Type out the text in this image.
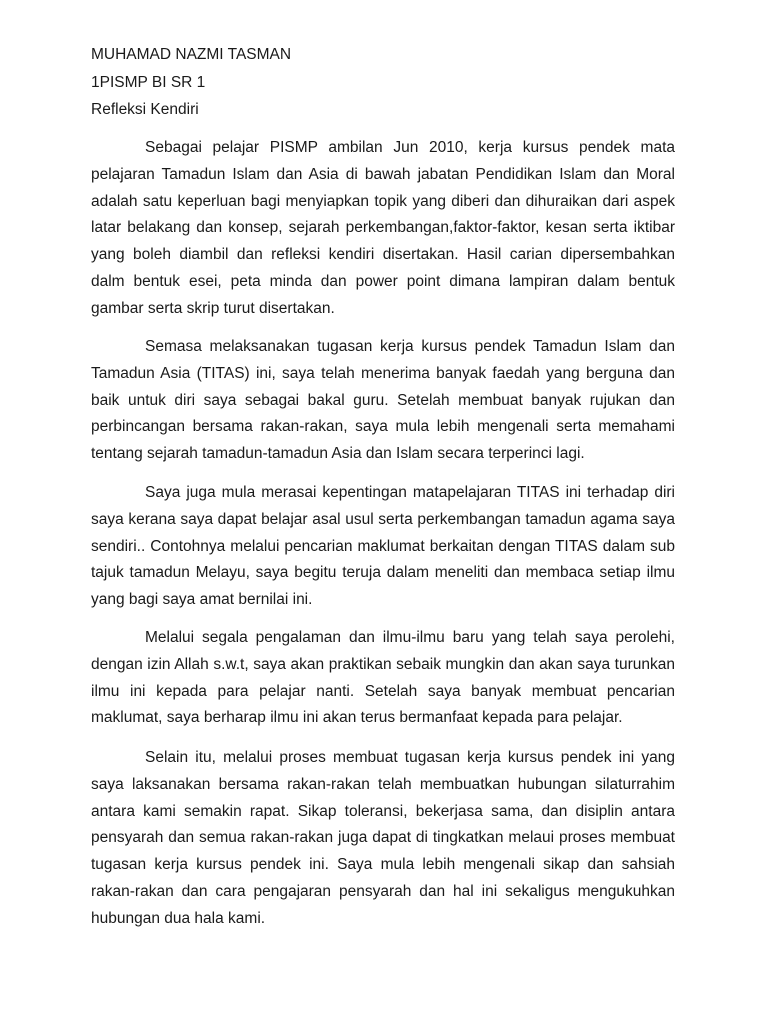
MUHAMAD NAZMI TASMAN
1PISMP BI SR 1
Refleksi Kendiri

Sebagai pelajar PISMP ambilan Jun 2010, kerja kursus pendek mata pelajaran Tamadun Islam dan Asia di bawah jabatan Pendidikan Islam dan Moral adalah satu keperluan bagi menyiapkan topik yang diberi dan dihuraikan dari aspek latar belakang dan konsep, sejarah perkembangan,faktor-faktor, kesan serta iktibar yang boleh diambil dan refleksi kendiri disertakan. Hasil carian dipersembahkan dalm bentuk esei, peta minda dan power point dimana lampiran dalam bentuk gambar serta skrip turut disertakan.

Semasa melaksanakan tugasan kerja kursus pendek Tamadun Islam dan Tamadun Asia (TITAS) ini, saya telah menerima banyak faedah yang berguna dan baik untuk diri saya sebagai bakal guru. Setelah membuat banyak rujukan dan perbincangan bersama rakan-rakan, saya mula lebih mengenali serta memahami tentang sejarah tamadun-tamadun Asia dan Islam secara terperinci lagi.

Saya juga mula merasai kepentingan matapelajaran TITAS ini terhadap diri saya kerana saya dapat belajar asal usul serta perkembangan tamadun agama saya sendiri.. Contohnya melalui pencarian maklumat berkaitan dengan TITAS dalam sub tajuk tamadun Melayu, saya begitu teruja dalam meneliti dan membaca setiap ilmu yang bagi saya amat bernilai ini.

Melalui segala pengalaman dan ilmu-ilmu baru yang telah saya perolehi, dengan izin Allah s.w.t, saya akan praktikan sebaik mungkin dan akan saya turunkan ilmu ini kepada para pelajar nanti. Setelah saya banyak membuat pencarian maklumat, saya berharap ilmu ini akan terus bermanfaat kepada para pelajar.

Selain itu, melalui proses membuat tugasan kerja kursus pendek ini yang saya laksanakan bersama rakan-rakan telah membuatkan hubungan silaturrahim antara kami semakin rapat. Sikap toleransi, bekerjasa sama, dan disiplin antara pensyarah dan semua rakan-rakan juga dapat di tingkatkan melaui proses membuat tugasan kerja kursus pendek ini. Saya mula lebih mengenali sikap dan sahsiah rakan-rakan dan cara pengajaran pensyarah dan hal ini sekaligus mengukuhkan hubungan dua hala kami.
